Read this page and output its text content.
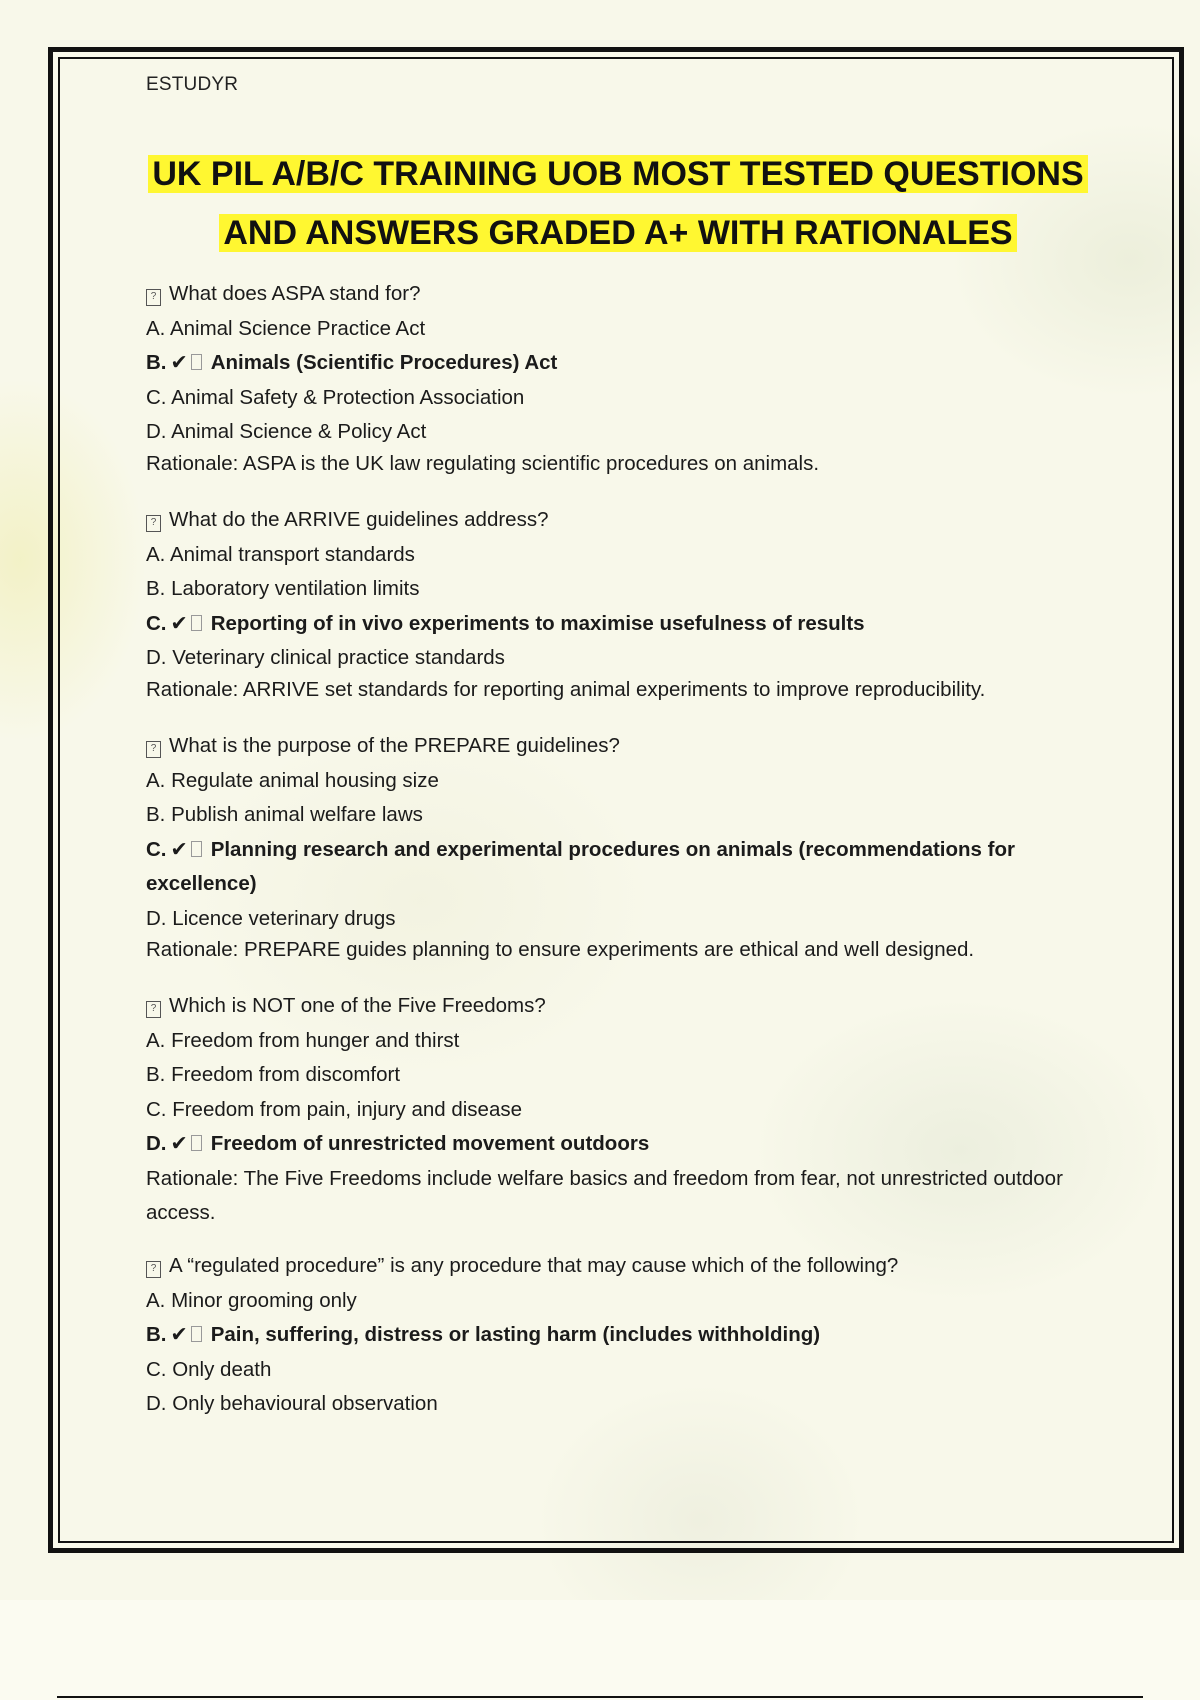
ESTUDYR
UK PIL A/B/C TRAINING UOB MOST TESTED QUESTIONS
AND ANSWERS GRADED A+ WITH RATIONALES
? What does ASPA stand for?
A. Animal Science Practice Act
B. ✔ Animals (Scientific Procedures) Act
C. Animal Safety & Protection Association
D. Animal Science & Policy Act
Rationale: ASPA is the UK law regulating scientific procedures on animals.
? What do the ARRIVE guidelines address?
A. Animal transport standards
B. Laboratory ventilation limits
C. ✔ Reporting of in vivo experiments to maximise usefulness of results
D. Veterinary clinical practice standards
Rationale: ARRIVE set standards for reporting animal experiments to improve reproducibility.
? What is the purpose of the PREPARE guidelines?
A. Regulate animal housing size
B. Publish animal welfare laws
C. ✔ Planning research and experimental procedures on animals (recommendations for excellence)
D. Licence veterinary drugs
Rationale: PREPARE guides planning to ensure experiments are ethical and well designed.
? Which is NOT one of the Five Freedoms?
A. Freedom from hunger and thirst
B. Freedom from discomfort
C. Freedom from pain, injury and disease
D. ✔ Freedom of unrestricted movement outdoors
Rationale: The Five Freedoms include welfare basics and freedom from fear, not unrestricted outdoor access.
? A “regulated procedure” is any procedure that may cause which of the following?
A. Minor grooming only
B. ✔ Pain, suffering, distress or lasting harm (includes withholding)
C. Only death
D. Only behavioural observation
